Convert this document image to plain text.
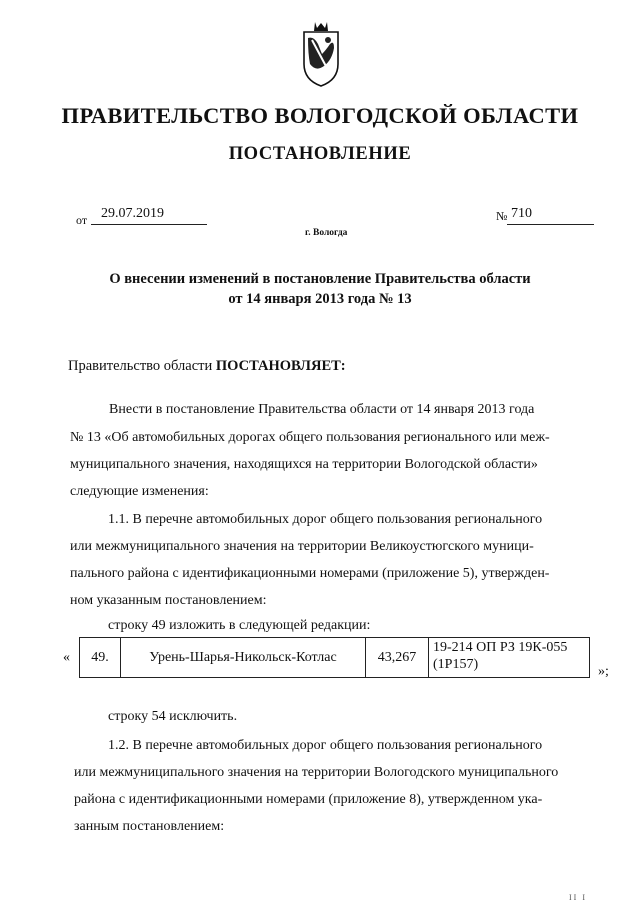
ПРАВИТЕЛЬСТВО ВОЛОГОДСКОЙ ОБЛАСТИ
ПОСТАНОВЛЕНИЕ
от 29.07.2019	№ 710
г. Вологда
О внесении изменений в постановление Правительства области
от 14 января 2013 года № 13
Правительство области ПОСТАНОВЛЯЕТ:
Внести в постановление Правительства области от 14 января 2013 года
№ 13 «Об автомобильных дорогах общего пользования регионального или меж-
муниципального значения, находящихся на территории Вологодской области»
следующие изменения:
1.1. В перечне автомобильных дорог общего пользования регионального
или межмуниципального значения на территории Великоустюгского муници-
пального района с идентификационными номерами (приложение 5), утвержден-
ном указанным постановлением:
строку 49 изложить в следующей редакции:
« 49.	Урень-Шарья-Никольск-Котлас	43,267	
19-214 ОП РЗ 19К-055
(1Р157)	»;
строку 54 исключить.
1.2. В перечне автомобильных дорог общего пользования регионального
или межмуниципального значения на территории Вологодского муниципального
района с идентификационными номерами (приложение 8), утвержденном ука-
занным постановлением:
II I
